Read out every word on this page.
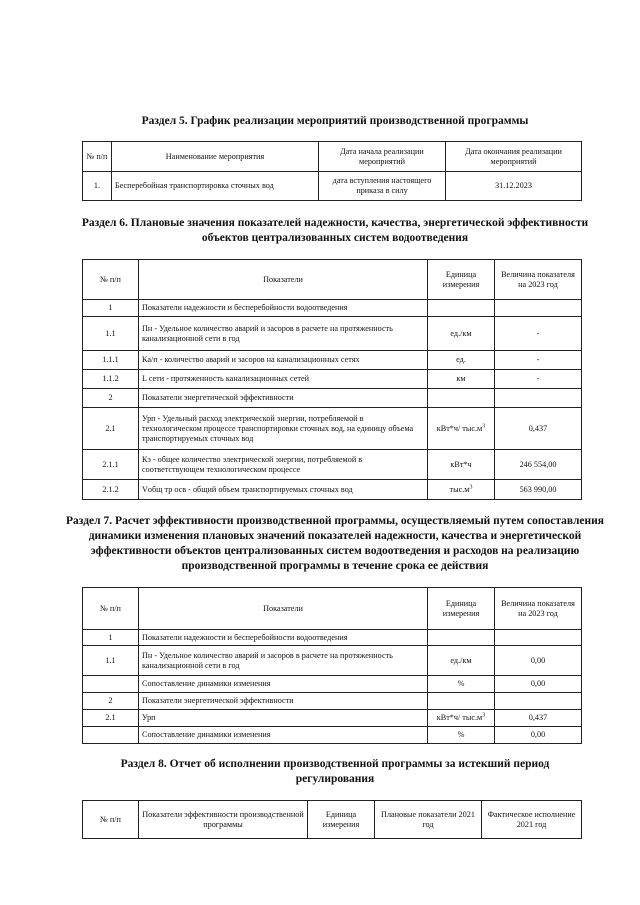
Раздел 5. График реализации мероприятий производственной программы
№ п/п	Наименование мероприятия	Дата начала реализации мероприятий	Дата окончания реализации мероприятий
1.	Бесперебойная транспортировка сточных вод	дата вступления настоящего приказа в силу	31.12.2023
Раздел 6. Плановые значения показателей надежности, качества, энергетической эффективности объектов централизованных систем водоотведения
№ п/п	Показатели	Единица измерения	Величина показателя на 2023 год
1	Показатели надежности и бесперебойности водоотведения		
1.1	Пн - Удельное количество аварий и засоров в расчете на протяженность канализационной сети в год	ед./км	-
1.1.1	Ка/п - количество аварий и засоров на канализационных сетях	ед.	-
1.1.2	L сети - протяженность канализационных сетей	км	-
2	Показатели энергетической эффективности		
2.1	Урп - Удельный расход электрической энергии, потребляемой в технологическом процессе транспортировки сточных вод, на единицу объема транспортируемых сточных вод	кВт*ч/ $тыс.м^3$	0,437
2.1.1	Кэ - общее количество электрической энергии, потребляемой в соответствующем технологическом процессе	кВт*ч	246 554,00
2.1.2	Vобщ тр осв - общий объем транспортируемых сточных вод	$тыс.м^3$	563 990,00
Раздел 7. Расчет эффективности производственной программы, осуществляемый путем сопоставления динамики изменения плановых значений показателей надежности, качества и энергетической эффективности объектов централизованных систем водоотведения и расходов на реализацию производственной программы в течение срока ее действия
№ п/п	Показатели	Единица измерения	Величина показателя на 2023 год
1	Показатели надежности и бесперебойности водоотведения		
1.1	Пн - Удельное количество аварий и засоров в расчете на протяженность канализационной сети в год	ед./км	0,00
	Сопоставление динамики изменения	%	0,00
2	Показатели энергетической эффективности		
2.1	Урп	кВт*ч/ $тыс.м^3$	0,437
	Сопоставление динамики изменения	%	0,00
Раздел 8. Отчет об исполнении производственной программы за истекший период регулирования
№ п/п	Показатели эффективности производственной программы	Единица измерения	Плановые показатели 2021 год	Фактическое исполнение 2021 год
